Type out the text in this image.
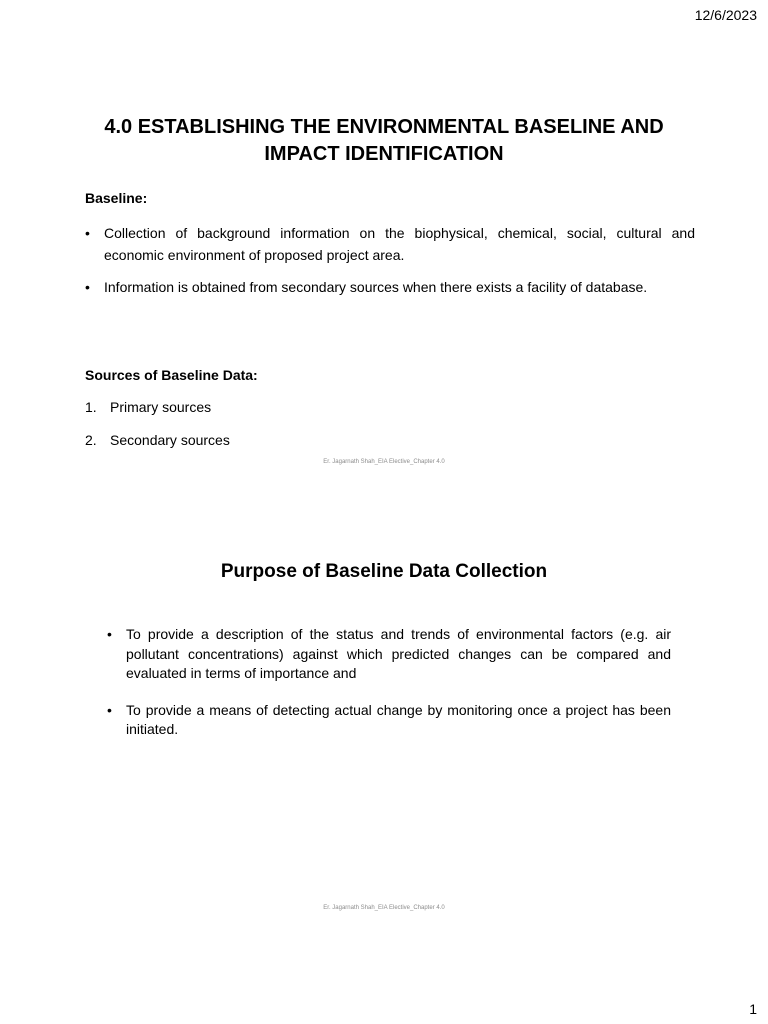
12/6/2023
4.0 ESTABLISHING THE ENVIRONMENTAL BASELINE AND IMPACT IDENTIFICATION
Baseline:
• Collection of background information on the biophysical, chemical, social, cultural and economic environment of proposed project area.
• Information is obtained from secondary sources when there exists a facility of database.
Sources of Baseline Data:
1. Primary sources
2. Secondary sources
Er. Jagarnath Shah_EIA Elective_Chapter 4.0
Purpose of Baseline Data Collection
• To provide a description of the status and trends of environmental factors (e.g. air pollutant concentrations) against which predicted changes can be compared and evaluated in terms of importance and
• To provide a means of detecting actual change by monitoring once a project has been initiated.
Er. Jagarnath Shah_EIA Elective_Chapter 4.0
1
